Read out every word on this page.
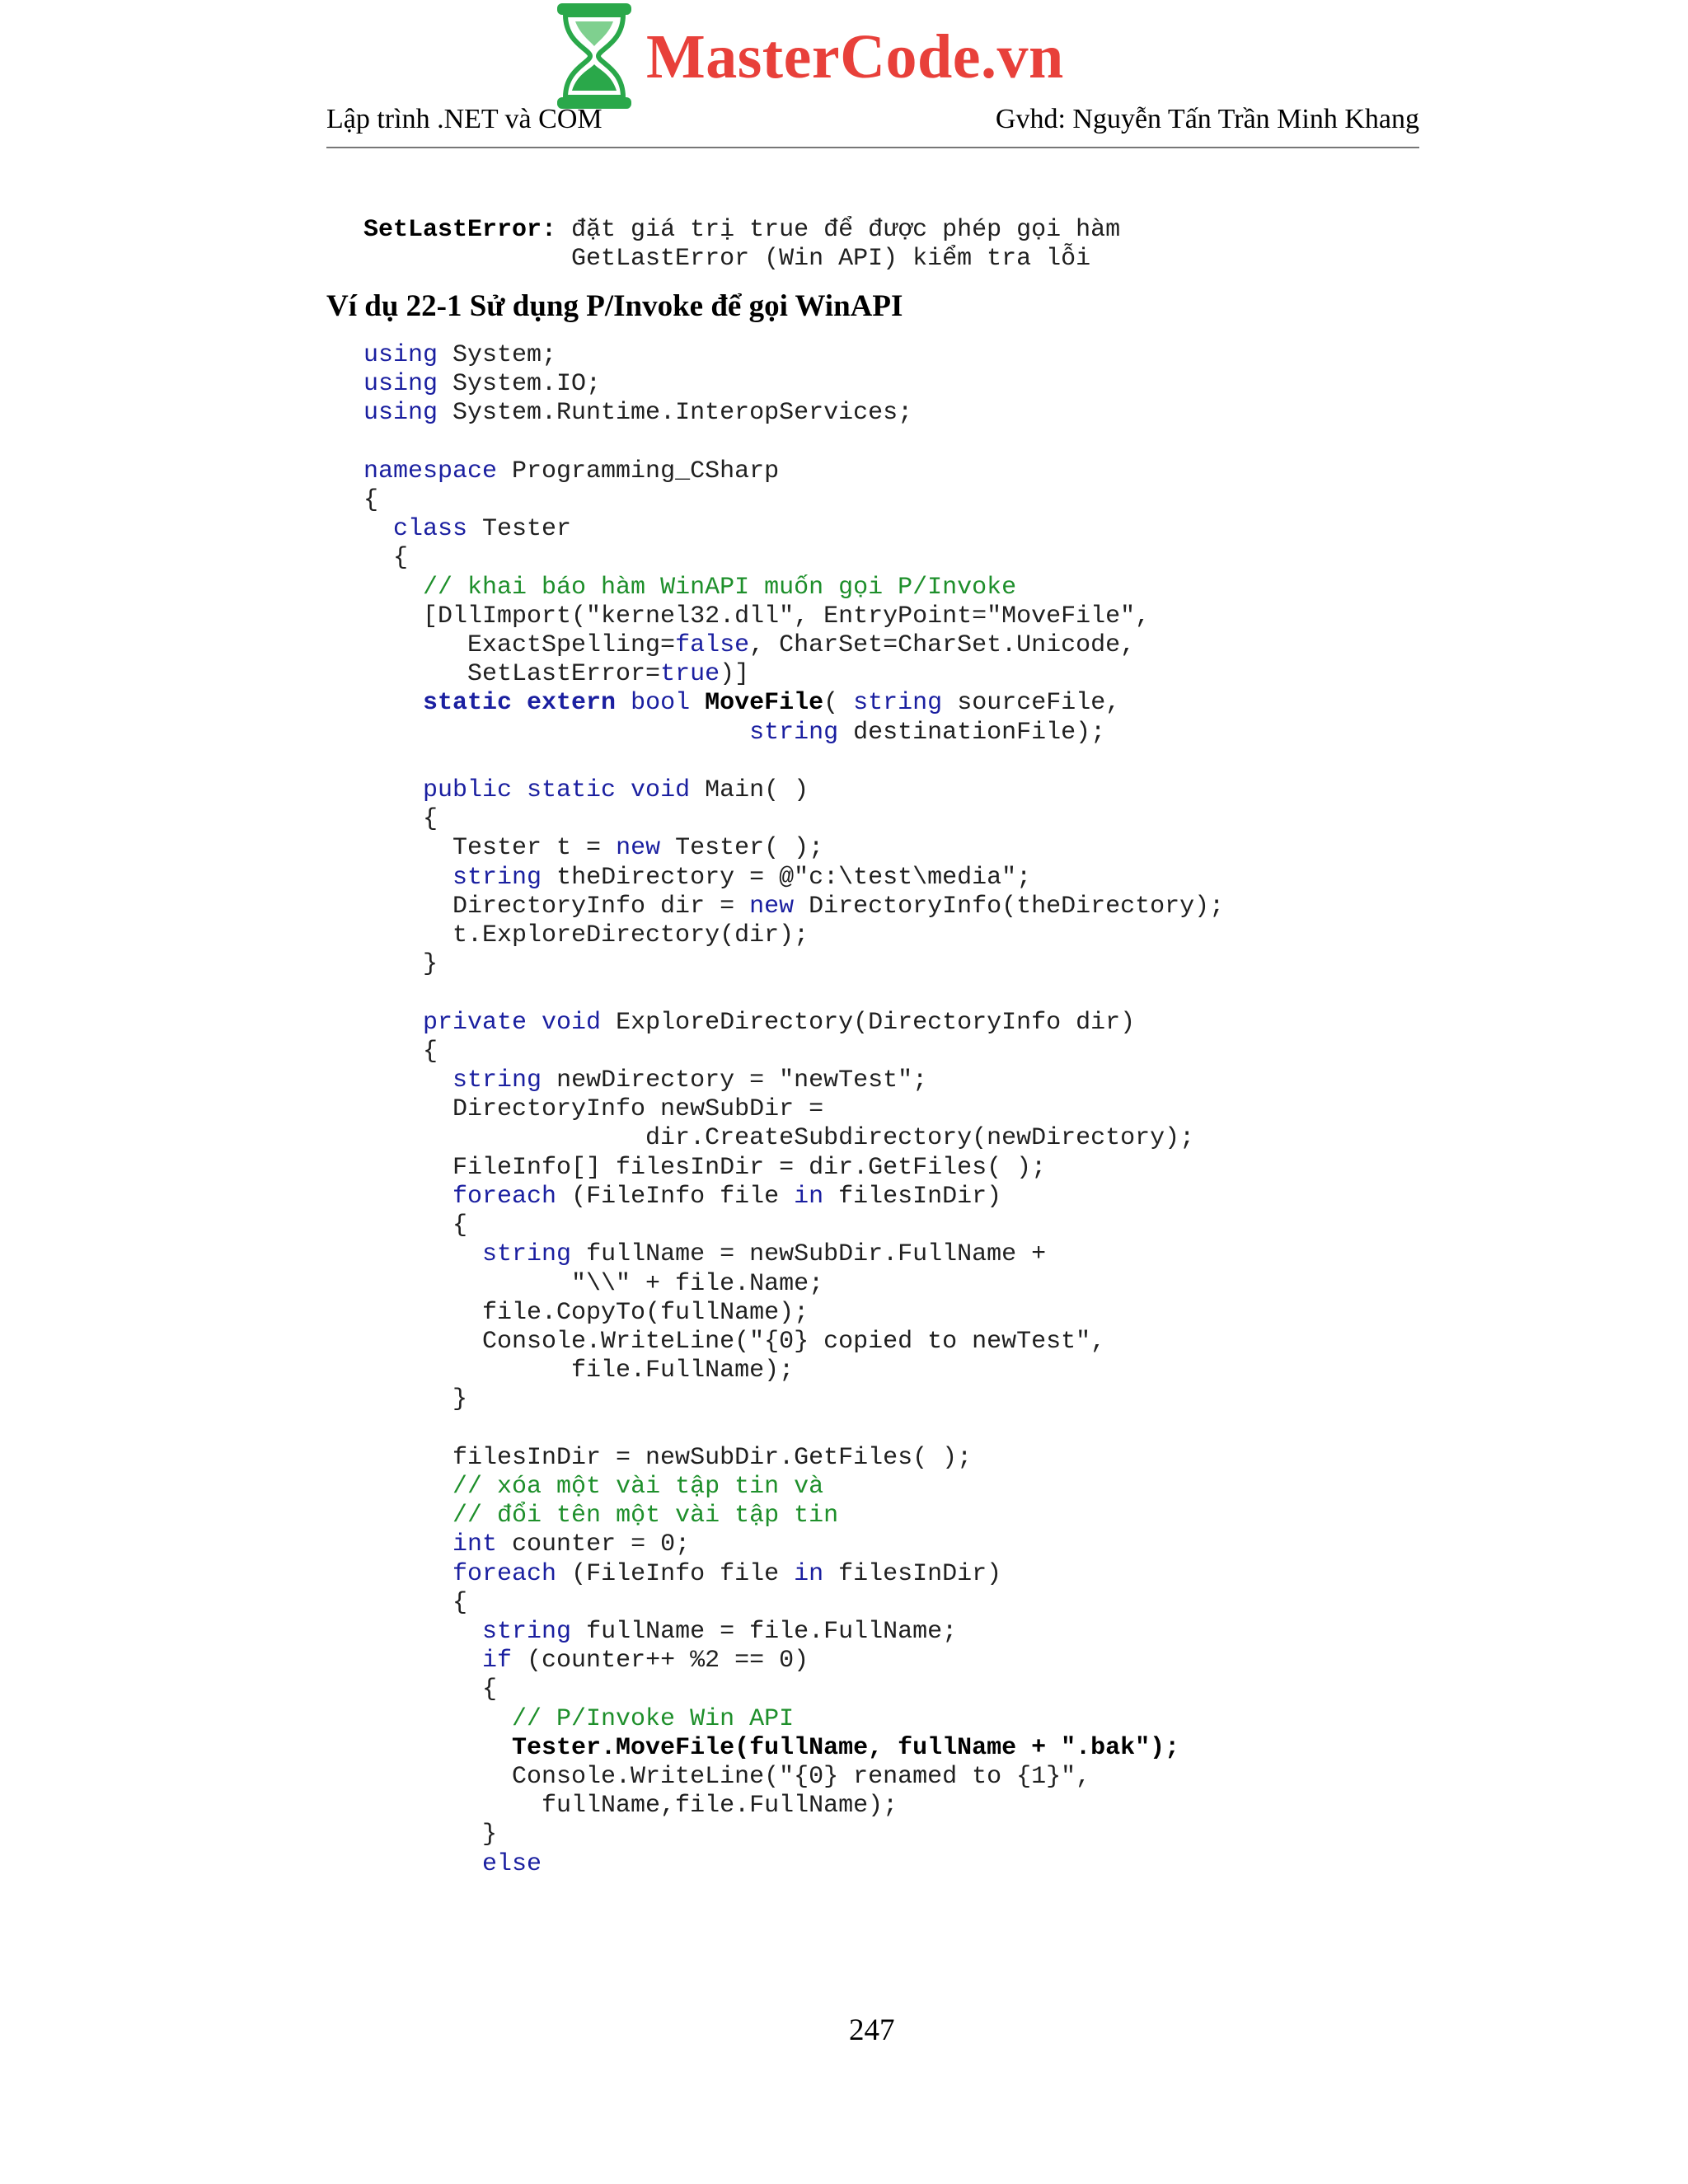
MasterCode.vn
Lập trình .NET và COM	Gvhd: Nguyễn Tấn Trần Minh Khang
SetLastError: đặt giá trị true để được phép gọi hàm
GetLastError (Win API) kiểm tra lỗi
Ví dụ 22-1 Sử dụng P/Invoke để gọi WinAPI
using System;
using System.IO;
using System.Runtime.InteropServices;

namespace Programming_CSharp
{
class Tester
{
// khai báo hàm WinAPI muốn gọi P/Invoke
[DllImport("kernel32.dll", EntryPoint="MoveFile",
ExactSpelling=false, CharSet=CharSet.Unicode,
SetLastError=true)]
static extern bool MoveFile( string sourceFile,
string destinationFile);

public static void Main( )
{
Tester t = new Tester( );
string theDirectory = @"c:\test\media";
DirectoryInfo dir = new DirectoryInfo(theDirectory);
t.ExploreDirectory(dir);
}

private void ExploreDirectory(DirectoryInfo dir)
{
string newDirectory = "newTest";
DirectoryInfo newSubDir =
dir.CreateSubdirectory(newDirectory);
FileInfo[] filesInDir = dir.GetFiles( );
foreach (FileInfo file in filesInDir)
{
string fullName = newSubDir.FullName +
"\\" + file.Name;
file.CopyTo(fullName);
Console.WriteLine("{0} copied to newTest",
file.FullName);
}

filesInDir = newSubDir.GetFiles( );
// xóa một vài tập tin và
// đổi tên một vài tập tin
int counter = 0;
foreach (FileInfo file in filesInDir)
{
string fullName = file.FullName;
if (counter++ %2 == 0)
{
// P/Invoke Win API
Tester.MoveFile(fullName, fullName + ".bak");
Console.WriteLine("{0} renamed to {1}",
fullName,file.FullName);
}
else
247
